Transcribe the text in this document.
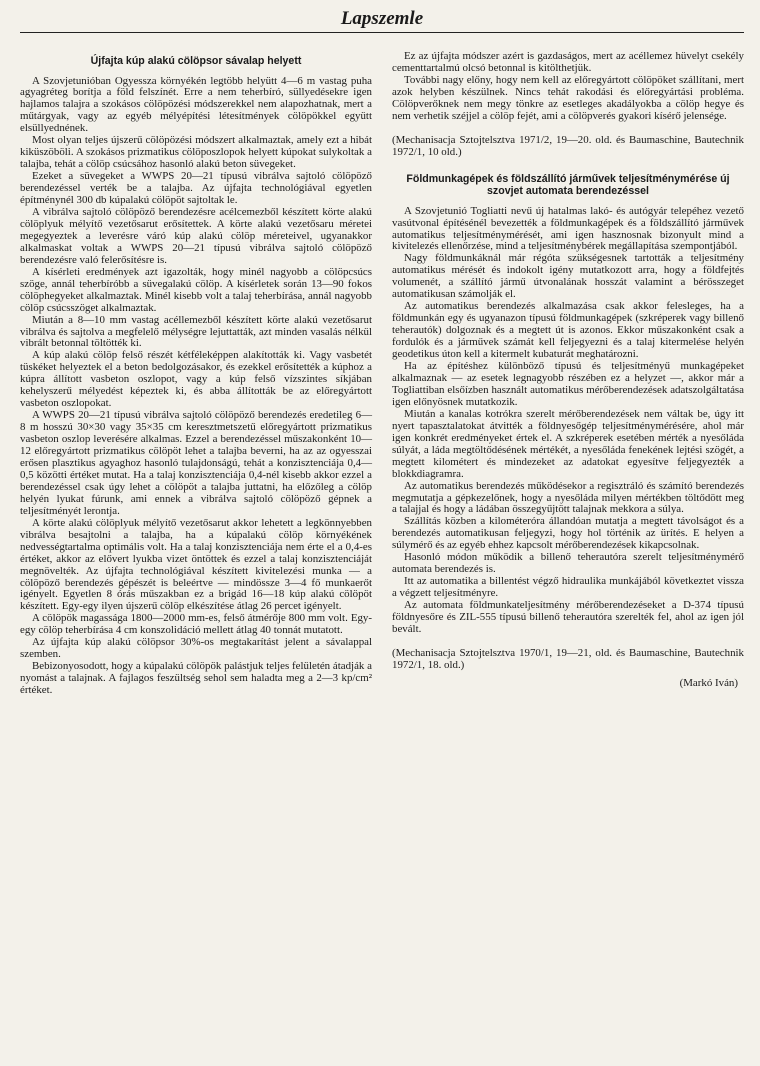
Lapszemle
Újfajta kúp alakú cölöpsor sávalap helyett

A Szovjetunióban Ogyessza környékén legtöbb helyütt 4—6 m vastag puha agyagréteg borítja a föld felszínét. Erre a nem teherbíró, süllyedésekre igen hajlamos talajra a szokásos cölöpözési módszerekkel nem alapozhatnak, mert a műtárgyak, vagy az egyéb mélyépítési létesítmények cölöpökkel együtt elsüllyednének.

Most olyan teljes újszerű cölöpözési módszert alkalmaztak, amely ezt a hibát kiküszöböli. A szokásos prizmatikus cölöposzlopok helyett kúpokat sulykoltak a talajba, tehát a cölöp csúcsához hasonló alakú beton süvegeket.

Ezeket a süvegeket a WWPS 20—21 típusú vibrálva sajtoló cölöpöző berendezéssel verték be a talajba. Az újfajta technológiával egyetlen építménynél 300 db kúpalakú cölöpöt sajtoltak le.

A vibrálva sajtoló cölöpöző berendezésre acélcemezből készített körte alakú cölöplyuk mélyítő vezetősarut erősítettek. A körte alakú vezetősaru méretei megegyeztek a leverésre váró kúp alakú cölöp méreteivel, ugyanakkor alkalmaskat voltak a WWPS 20—21 típusú vibrálva sajtoló cölöpöző berendezésre való felerősítésre is.

A kísérleti eredmények azt igazolták, hogy minél nagyobb a cölöpcsúcs szöge, annál teherbíróbb a süvegalakú cölöp. A kísérletek során 13—90 fokos cölöphegyeket alkalmaztak. Minél kisebb volt a talaj teherbírása, annál nagyobb cölöp csúcsszöget alkalmaztak.

Miután a 8—10 mm vastag acéllemezből készített körte alakú vezetősarut vibrálva és sajtolva a megfelelő mélységre lejuttatták, azt minden vasalás nélkül vibrált betonnal töltötték ki.

A kúp alakú cölöp felső részét kétféleképpen alakították ki. Vagy vasbetét tüskéket helyeztek el a beton bedolgozásakor, és ezekkel erősítették a kúphoz a kúpra állított vasbeton oszlopot, vagy a kúp felső vízszintes síkjában kehelyszerű mélyedést képeztek ki, és abba állították be az előregyártott vasbeton oszlopokat.

A WWPS 20—21 típusú vibrálva sajtoló cölöpöző berendezés eredetileg 6—8 m hosszú 30×30 vagy 35×35 cm keresztmetszetű előregyártott prizmatikus vasbeton oszlop leverésére alkalmas. Ezzel a berendezéssel műszakonként 10—12 előregyártott prizmatikus cölöpöt lehet a talajba beverni, ha az az ogyesszai erősen plasztikus agyaghoz hasonló tulajdonságú, tehát a konzisztenciája 0,4—0,5 közötti értéket mutat. Ha a talaj konzisztenciája 0,4-nél kisebb akkor ezzel a berendezéssel csak úgy lehet a cölöpöt a talajba juttatni, ha előzőleg a cölöp helyén lyukat fúrunk, ami ennek a vibrálva sajtoló cölöpöző gépnek a teljesítményét lerontja.

A körte alakú cölöplyuk mélyítő vezetősarut akkor lehetett a legkönnyebben vibrálva besajtolni a talajba, ha a kúpalakú cölöp környékének nedvességtartalma optimális volt. Ha a talaj konzisztenciája nem érte el a 0,4-es értéket, akkor az elővert lyukba vizet öntöttek és ezzel a talaj konzisztenciáját megnövelték. Az újfajta technológiával készített kivitelezési munka — a cölöpöző berendezés gépészét is beleértve — mindössze 3—4 fő munkaerőt igényelt. Egyetlen 8 órás műszakban ez a brigád 16—18 kúp alakú cölöpöt készített. Egy-egy ilyen újszerű cölöp elkészítése átlag 26 percet igényelt.

A cölöpök magassága 1800—2000 mm-es, felső átmérője 800 mm volt. Egy-egy cölöp teherbírása 4 cm konszolidáció mellett átlag 40 tonnát mutatott.

Az újfajta kúp alakú cölöpsor 30%-os megtakarítást jelent a sávalappal szemben.

Bebizonyosodott, hogy a kúpalakú cölöpök palástjuk teljes felületén átadják a nyomást a talajnak. A fajlagos feszültség sehol sem haladta meg a 2—3 kp/cm² értéket.

Ez az újfajta módszer azért is gazdaságos, mert az acéllemez hüvelyt csekély cementtartalmú olcsó betonnal is kitölthetjük.

További nagy előny, hogy nem kell az előregyártott cölöpöket szállítani, mert azok helyben készülnek. Nincs tehát rakodási és előregyártási probléma. Cölöpverőknek nem megy tönkre az esetleges akadályokba a cölöp hegye és nem verhetik széjjel a cölöp fejét, ami a cölöpverés gyakori kísérő jelensége.

(Mechanisacja Sztojtelsztva 1971/2, 19—20. old. és Baumaschine, Bautechnik 1972/1, 10 old.)

Földmunkagépek és földszállító járművek teljesítménymérése új szovjet automata berendezéssel

A Szovjetunió Togliatti nevű új hatalmas lakó- és autógyár telepéhez vezető vasútvonal építésénél bevezették a földmunkagépek és a földszállító járművek automatikus teljesítménymérését, ami igen hasznosnak bizonyult mind a kivitelezés ellenőrzése, mind a teljesítménybérek megállapítása szempontjából.

Nagy földmunkáknál már régóta szükségesnek tartották a teljesítmény automatikus mérését és indokolt igény mutatkozott arra, hogy a földfejtés volumenét, a szállító jármű útvonalának hosszát valamint a bérösszeget automatikusan számolják el.

Az automatikus berendezés alkalmazása csak akkor felesleges, ha a földmunkán egy és ugyanazon típusú földmunkagépek (szkréperek vagy billenő teherautók) dolgoznak és a megtett út is azonos. Ekkor műszakonként csak a fordulók és a járművek számát kell feljegyezni és a talaj kitermelése helyén geodetikus úton kell a kitermelt kubaturát meghatározni.

Ha az építéshez különböző típusú és teljesítményű munkagépeket alkalmaznak — az esetek legnagyobb részében ez a helyzet —, akkor már a Togliattiban elsőízben használt automatikus mérőberendezések adatszolgáltatása igen előnyösnek mutatkozik.

Miután a kanalas kotrókra szerelt mérőberendezések nem váltak be, úgy itt nyert tapasztalatokat átvitték a földnyesőgép teljesítménymérésére, ahol már igen konkrét eredményeket értek el. A szkréperek esetében mérték a nyesőláda súlyát, a láda megtöltődésének mértékét, a nyesőláda fenekének lejtési szögét, a megtett kilométert és mindezeket az adatokat egyesítve feljegyezték a blokkdiagramra.

Az automatikus berendezés működésekor a regisztráló és számító berendezés megmutatja a gépkezelőnek, hogy a nyesőláda milyen mértékben töltődött meg a talajjal és hogy a ládában összegyűjtött talajnak mekkora a súlya.

Szállítás közben a kilométeróra állandóan mutatja a megtett távolságot és a berendezés automatikusan feljegyzi, hogy hol történik az ürítés. E helyen a súlymérő és az egyéb ehhez kapcsolt mérőberendezések kikapcsolnak.

Hasonló módon működik a billenő teherautóra szerelt teljesítménymérő automata berendezés is.

Itt az automatika a billentést végző hidraulika munkájából következtet vissza a végzett teljesítményre.

Az automata földmunkateljesítmény mérőberendezéseket a D-374 típusú földnyesőre és ZIL-555 típusú billenő teherautóra szerelték fel, ahol az igen jól bevált.

(Mechanisacja Sztojtelsztva 1970/1, 19—21, old. és Baumaschine, Bautechnik 1972/1, 18. old.)

(Markó Iván)
